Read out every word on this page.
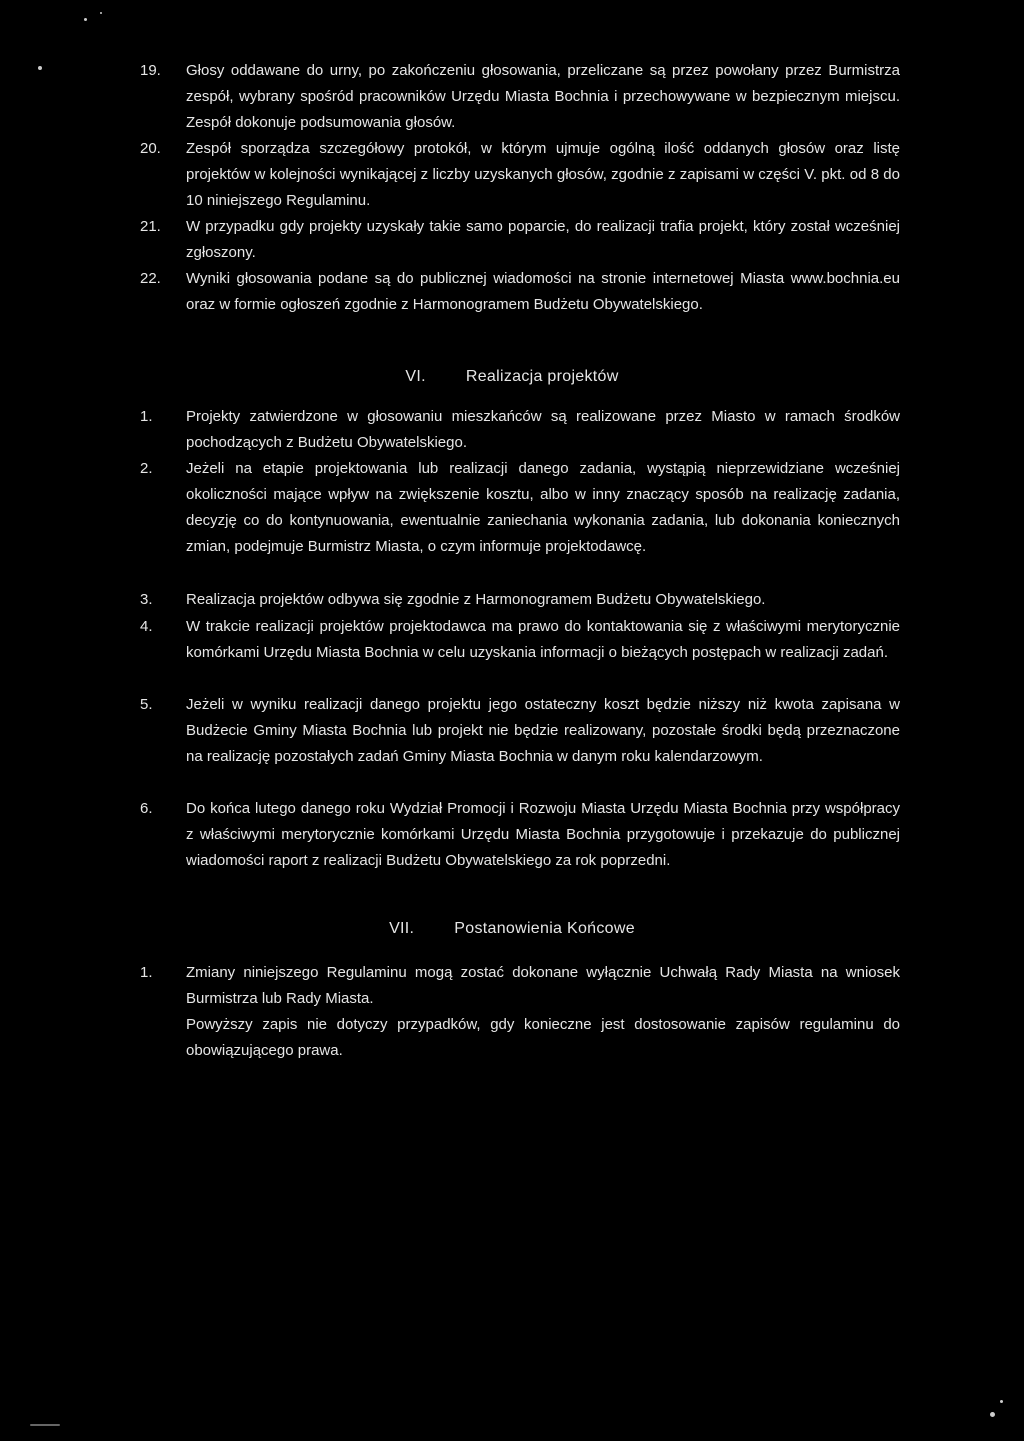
19. Głosy oddawane do urny, po zakończeniu głosowania, przeliczane są przez powołany przez Burmistrza zespół, wybrany spośród pracowników Urzędu Miasta Bochnia i przechowywane w bezpiecznym miejscu. Zespół dokonuje podsumowania głosów.
20. Zespół sporządza szczegółowy protokół, w którym ujmuje ogólną ilość oddanych głosów oraz listę projektów w kolejności wynikającej z liczby uzyskanych głosów, zgodnie z zapisami w części V. pkt. od 8 do 10 niniejszego Regulaminu.
21. W przypadku gdy projekty uzyskały takie samo poparcie, do realizacji trafia projekt, który został wcześniej zgłoszony.
22. Wyniki głosowania podane są do publicznej wiadomości na stronie internetowej Miasta www.bochnia.eu oraz w formie ogłoszeń zgodnie z Harmonogramem Budżetu Obywatelskiego.
VI.	Realizacja projektów
1. Projekty zatwierdzone w głosowaniu mieszkańców są realizowane przez Miasto w ramach środków pochodzących z Budżetu Obywatelskiego.
2. Jeżeli na etapie projektowania lub realizacji danego zadania, wystąpią nieprzewidziane wcześniej okoliczności mające wpływ na zwiększenie kosztu, albo w inny znaczący sposób na realizację zadania, decyzję co do kontynuowania, ewentualnie zaniechania wykonania zadania, lub dokonania koniecznych zmian, podejmuje Burmistrz Miasta, o czym informuje projektodawcę.
3. Realizacja projektów odbywa się zgodnie z Harmonogramem Budżetu Obywatelskiego.
4. W trakcie realizacji projektów projektodawca ma prawo do kontaktowania się z właściwymi merytorycznie komórkami Urzędu Miasta Bochnia w celu uzyskania informacji o bieżących postępach w realizacji zadań.
5. Jeżeli w wyniku realizacji danego projektu jego ostateczny koszt będzie niższy niż kwota zapisana w Budżecie Gminy Miasta Bochnia lub projekt nie będzie realizowany, pozostałe środki będą przeznaczone na realizację pozostałych zadań Gminy Miasta Bochnia w danym roku kalendarzowym.
6. Do końca lutego danego roku Wydział Promocji i Rozwoju Miasta Urzędu Miasta Bochnia przy współpracy z właściwymi merytorycznie komórkami Urzędu Miasta Bochnia przygotowuje i przekazuje do publicznej wiadomości raport z realizacji Budżetu Obywatelskiego za rok poprzedni.
VII.	Postanowienia Końcowe
1. Zmiany niniejszego Regulaminu mogą zostać dokonane wyłącznie Uchwałą Rady Miasta na wniosek Burmistrza lub Rady Miasta.
Powyższy zapis nie dotyczy przypadków, gdy konieczne jest dostosowanie zapisów regulaminu do obowiązującego prawa.
